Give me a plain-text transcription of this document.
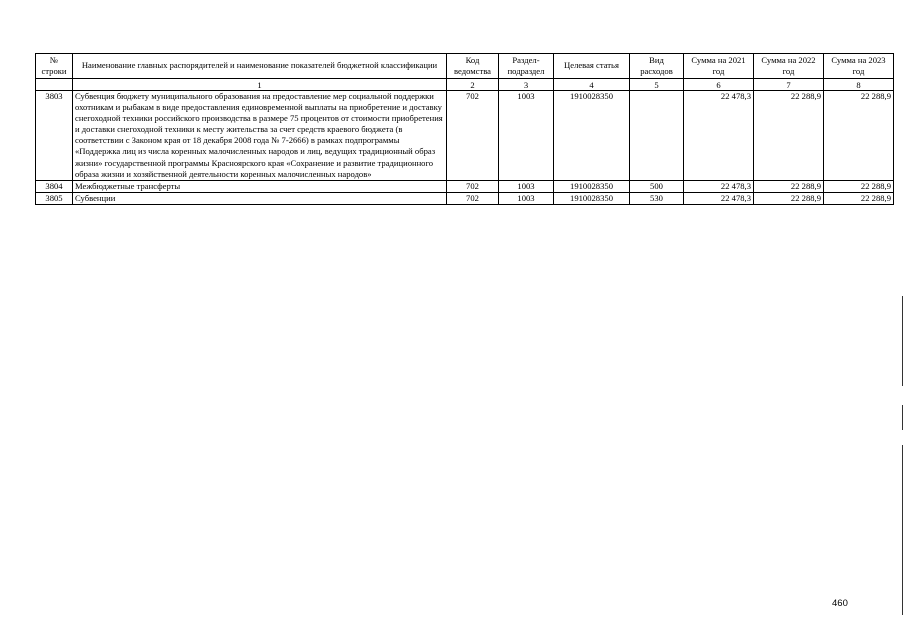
№ строки	Наименование главных распорядителей и наименование показателей бюджетной классификации	Код ведомства	Раздел-подраздел	Целевая статья	Вид расходов	Сумма на 2021 год	Сумма на 2022 год	Сумма на 2023 год
	1	2	3	4	5	6	7	8
3803	Субвенция бюджету муниципального образования на предоставление мер социальной поддержки охотникам и рыбакам в виде предоставления единовременной выплаты на приобретение и доставку снегоходной техники российского производства в размере 75 процентов от стоимости приобретения и доставки снегоходной техники к месту жительства за счет средств краевого бюджета (в соответствии с Законом края от 18 декабря 2008 года № 7-2666) в рамках подпрограммы «Поддержка лиц из числа коренных малочисленных народов и лиц, ведущих традиционный образ жизни» государственной программы Красноярского края «Сохранение и развитие традиционного образа жизни и хозяйственной деятельности коренных малочисленных народов»	702	1003	1910028350		22 478,3	22 288,9	22 288,9
3804	Межбюджетные трансферты	702	1003	1910028350	500	22 478,3	22 288,9	22 288,9
3805	Субвенции	702	1003	1910028350	530	22 478,3	22 288,9	22 288,9
460
